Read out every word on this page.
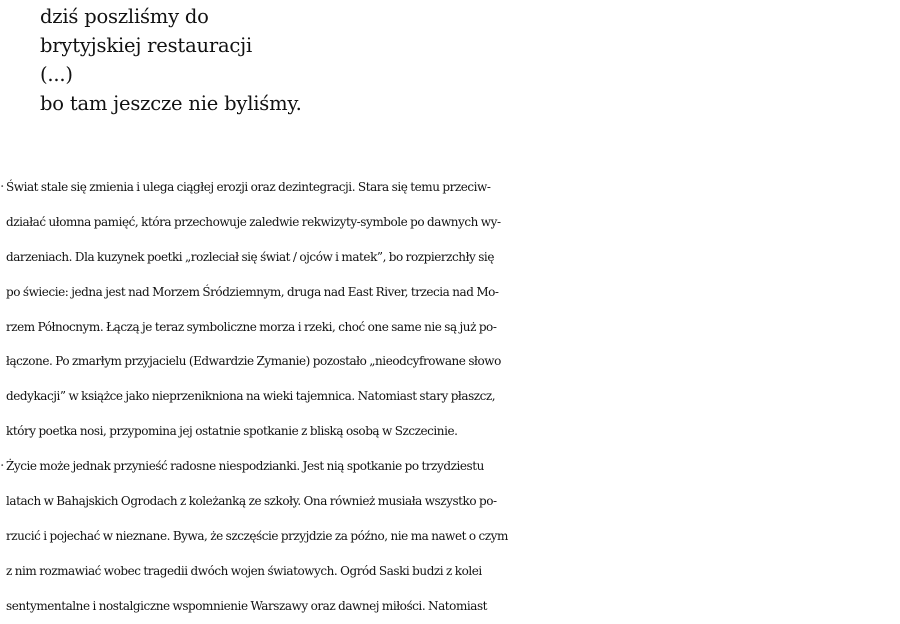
dziś poszliśmy do
brytyjskiej restauracji
(...)
bo tam jeszcze nie byliśmy.
· Świat stale się zmienia i ulega ciągłej erozji oraz dezintegracji. Stara się temu przeciw-
działać ułomna pamięć, która przechowuje zaledwie rekwizyty-symbole po dawnych wy-
darzeniach. Dla kuzynek poetki „rozleciał się świat / ojców i matek”, bo rozpierzchły się
po świecie: jedna jest nad Morzem Śródziemnym, druga nad East River, trzecia nad Mo-
rzem Północnym. Łączą je teraz symboliczne morza i rzeki, choć one same nie są już po-
łączone. Po zmarłym przyjacielu (Edwardzie Zymanie) pozostało „nieodcyfrowane słowo
dedykacji” w książce jako nieprzenikniona na wieki tajemnica. Natomiast stary płaszcz,
który poetka nosi, przypomina jej ostatnie spotkanie z bliską osobą w Szczecinie.
· Życie może jednak przynieść radosne niespodzianki. Jest nią spotkanie po trzydziestu
latach w Bahajskich Ogrodach z koleżanką ze szkoły. Ona również musiała wszystko po-
rzucić i pojechać w nieznane. Bywa, że szczęście przyjdzie za późno, nie ma nawet o czym
z nim rozmawiać wobec tragedii dwóch wojen światowych. Ogród Saski budzi z kolei
sentymentalne i nostalgiczne wspomnienie Warszawy oraz dawnej miłości. Natomiast
